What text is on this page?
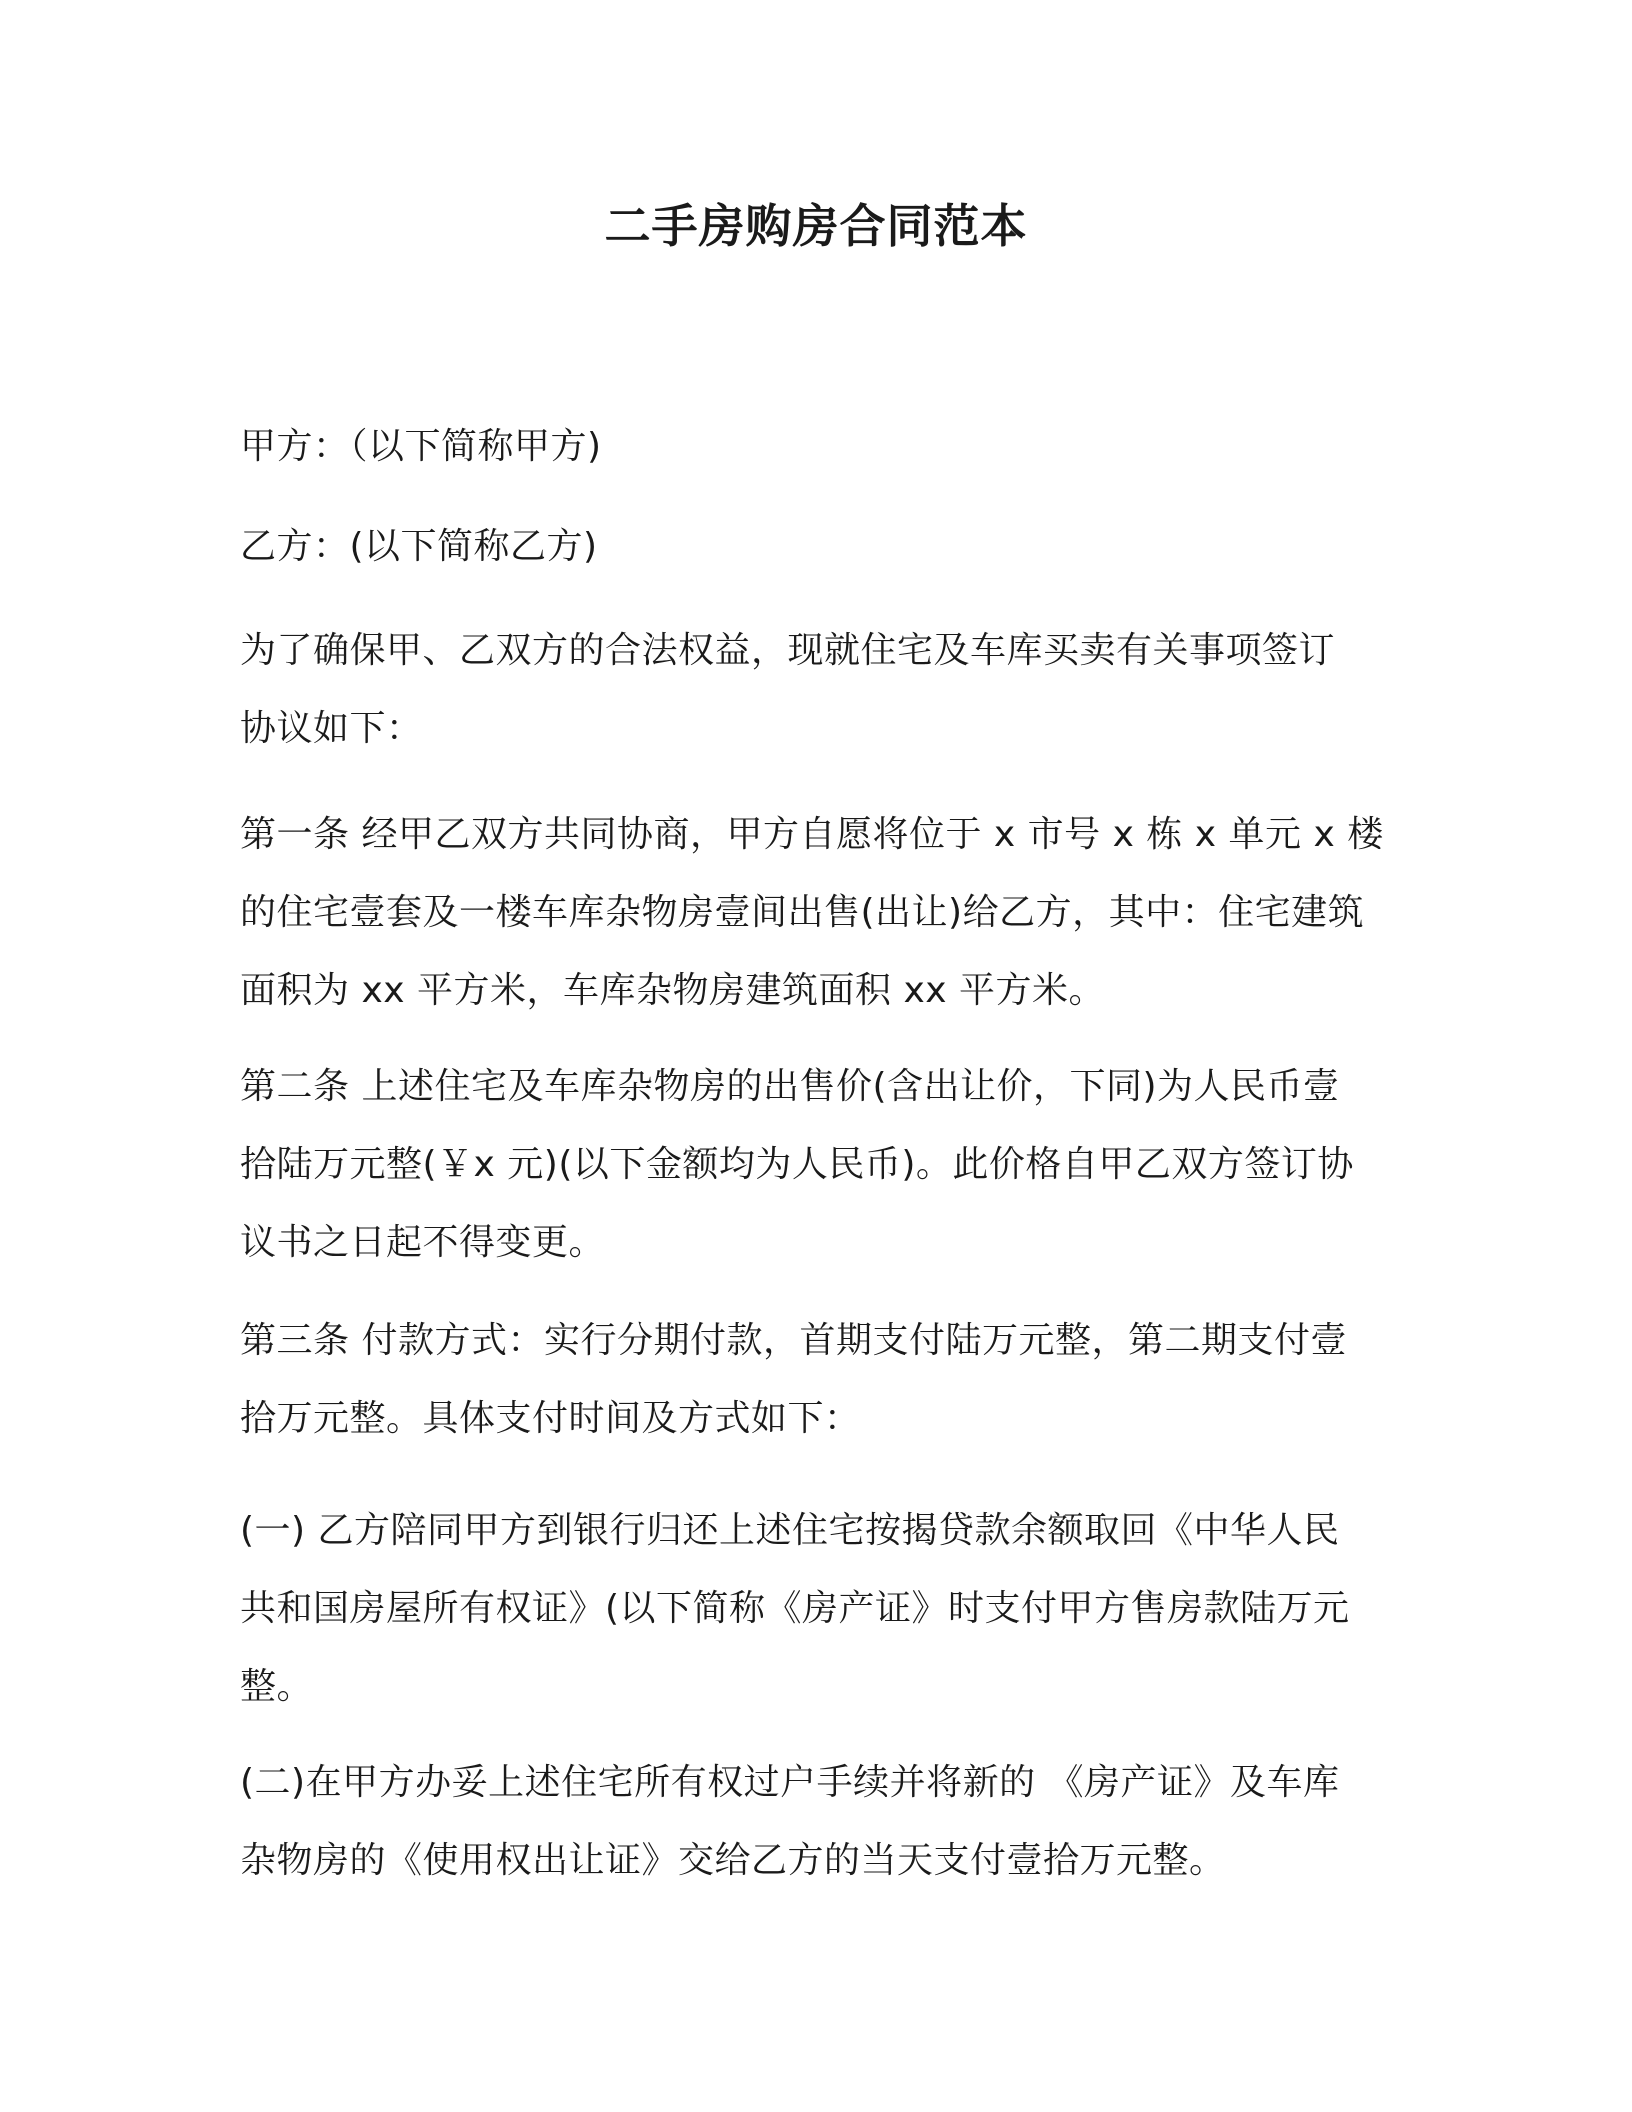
二手房购房合同范本

甲方：（以下简称甲方)

乙方：(以下简称乙方)

为了确保甲、乙双方的合法权益，现就住宅及车库买卖有关事项签订
协议如下：

第一条 经甲乙双方共同协商，甲方自愿将位于 x 市号 x 栋 x 单元 x 楼
的住宅壹套及一楼车库杂物房壹间出售(出让)给乙方，其中：住宅建筑
面积为 xx 平方米，车库杂物房建筑面积 xx 平方米。

第二条 上述住宅及车库杂物房的出售价(含出让价，下同)为人民币壹
拾陆万元整(￥x 元)(以下金额均为人民币)。此价格自甲乙双方签订协
议书之日起不得变更。

第三条 付款方式：实行分期付款，首期支付陆万元整，第二期支付壹
拾万元整。具体支付时间及方式如下：

(一) 乙方陪同甲方到银行归还上述住宅按揭贷款余额取回《中华人民
共和国房屋所有权证》(以下简称《房产证》时支付甲方售房款陆万元
整。

(二)在甲方办妥上述住宅所有权过户手续并将新的 《房产证》及车库
杂物房的《使用权出让证》交给乙方的当天支付壹拾万元整。
